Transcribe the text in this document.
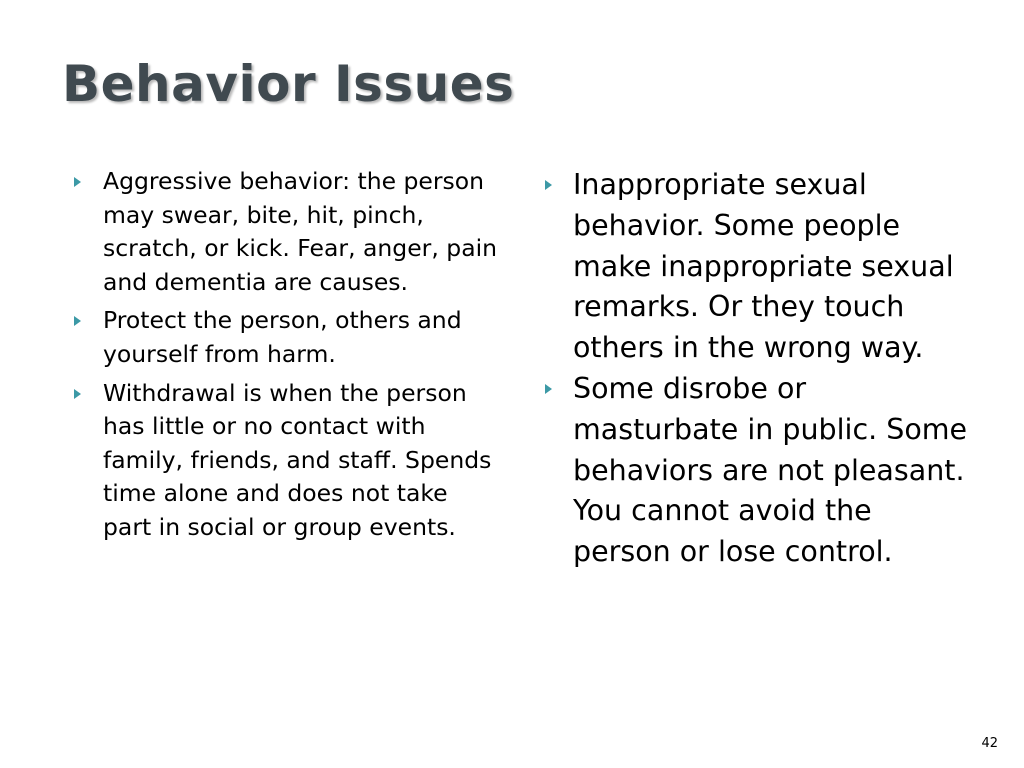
Behavior Issues
Aggressive behavior: the person may swear, bite, hit, pinch, scratch, or kick. Fear, anger, pain and dementia are causes.
Protect the person, others and yourself from harm.
Withdrawal is when the person has little or no contact with family, friends, and staff. Spends time alone and does not take part in social or group events.
Inappropriate sexual behavior. Some people make inappropriate sexual remarks. Or they touch others in the wrong way.
Some disrobe or masturbate in public. Some behaviors are not pleasant. You cannot avoid the person or lose control.
42
